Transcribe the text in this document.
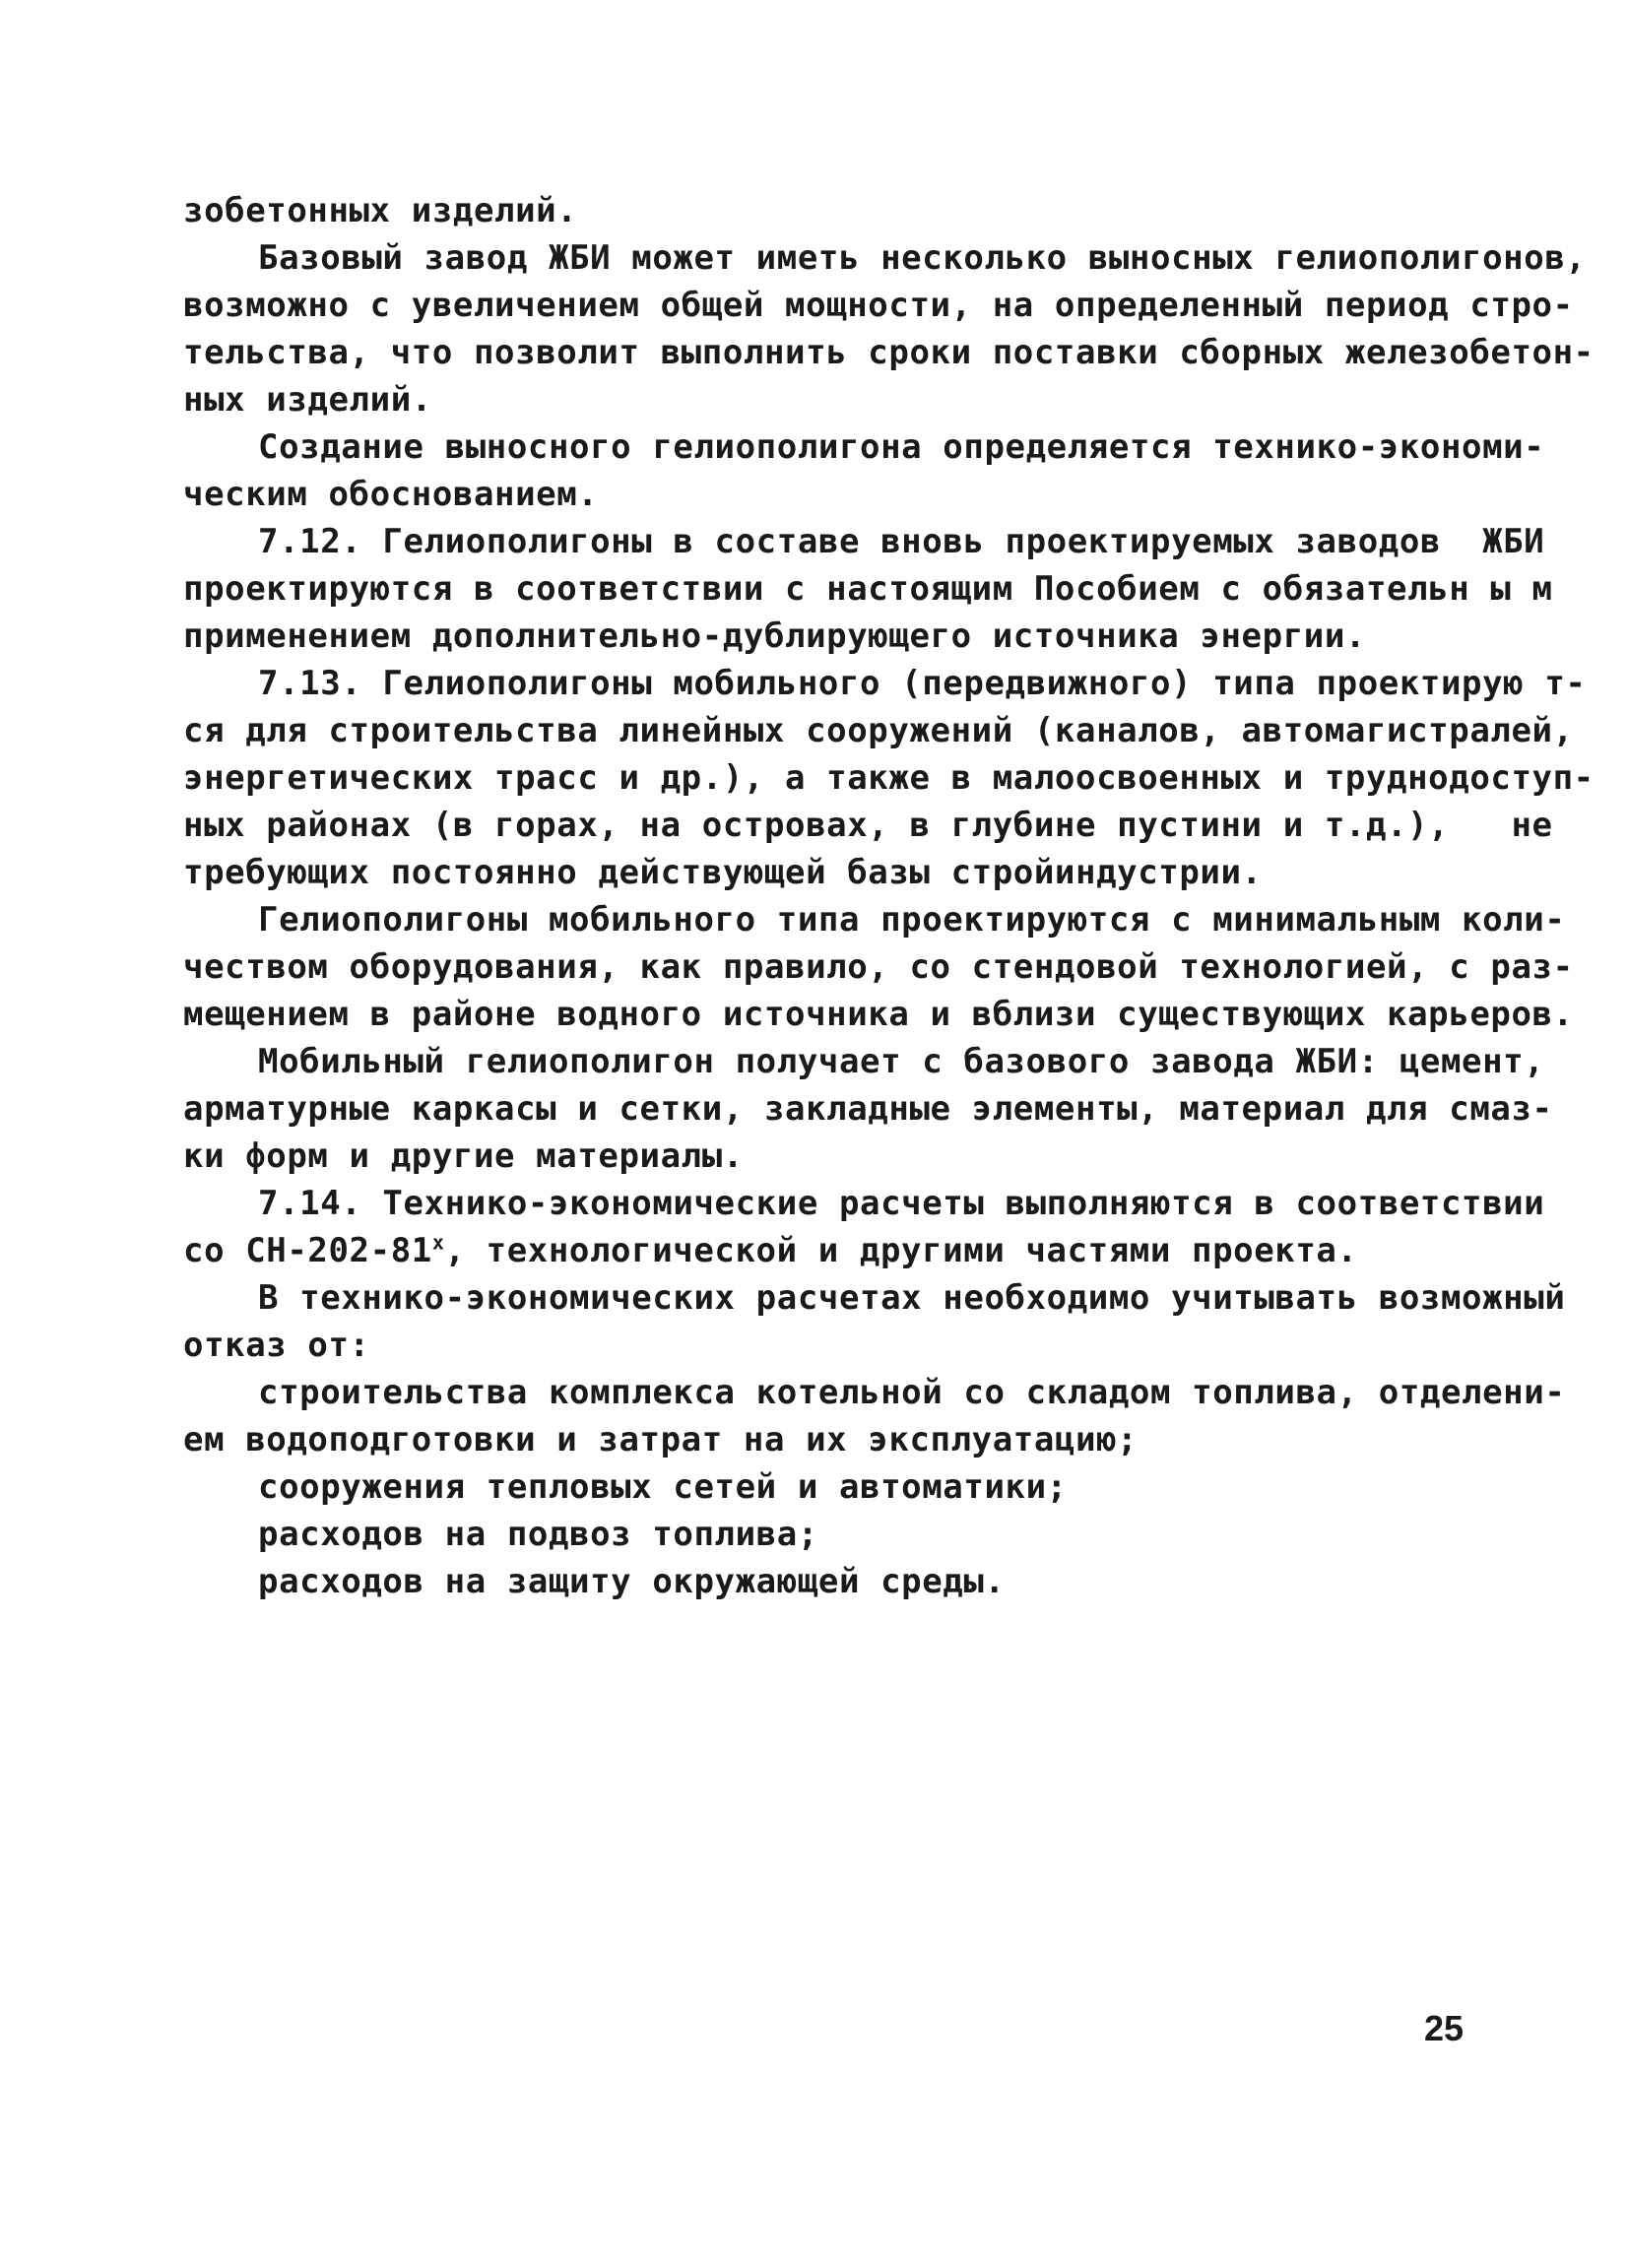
зобетонных изделий.
Базовый завод ЖБИ может иметь несколько выносных гелиополигонов,
возможно с увеличением общей мощности, на определенный период стро-
тельства, что позволит выполнить сроки поставки сборных железобетон-
ных изделий.
Создание выносного гелиополигона определяется технико-экономи-
ческим обоснованием.
7.12. Гелиополигоны в составе вновь проектируемых заводов  ЖБИ
проектируются в соответствии с настоящим Пособием с обязательн ы м
применением дополнительно-дублирующего источника энергии.
7.13. Гелиополигоны мобильного (передвижного) типа проектирую т-
ся для строительства линейных сооружений (каналов, автомагистралей,
энергетических трасс и др.), а также в малоосвоенных и труднодоступ-
ных районах (в горах, на островах, в глубине пустини и т.д.),   не
требующих постоянно действующей базы стройиндустрии.
Гелиополигоны мобильного типа проектируются с минимальным коли-
чеством оборудования, как правило, со стендовой технологией, с раз-
мещением в районе водного источника и вблизи существующих карьеров.
Мобильный гелиополигон получает с базового завода ЖБИ: цемент,
арматурные каркасы и сетки, закладные элементы, материал для смаз-
ки форм и другие материалы.
7.14. Технико-экономические расчеты выполняются в соответствии
со $СН-202-81^х$, технологической и другими частями проекта.
В технико-экономических расчетах необходимо учитывать возможный
отказ от:
строительства комплекса котельной со складом топлива, отделени-
ем водоподготовки и затрат на их эксплуатацию;
сооружения тепловых сетей и автоматики;
расходов на подвоз топлива;
расходов на защиту окружающей среды.
25
